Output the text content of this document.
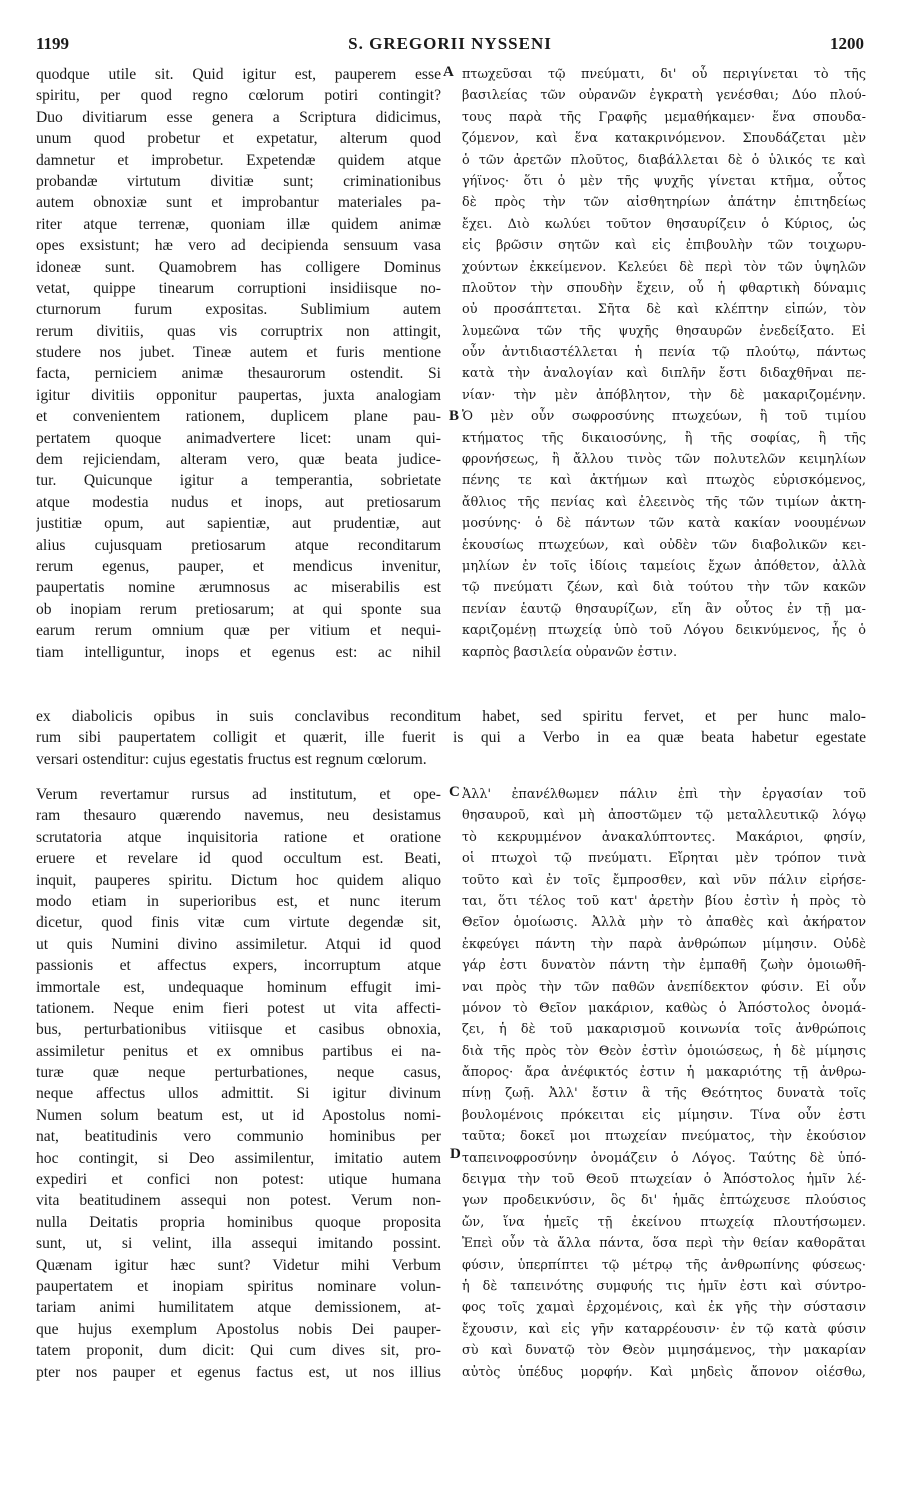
1199	S. GREGORII NYSSENI	1200
A
B
C
D
quodque utile sit. Quid igitur est, pauperem esse
spiritu, per quod regno cœlorum potiri contingit?
Duo divitiarum esse genera a Scriptura didicimus,
unum quod probetur et expetatur, alterum quod
damnetur et improbetur. Expetendæ quidem atque
probandæ virtutum divitiæ sunt; criminationibus
autem obnoxiæ sunt et improbantur materiales pa-
riter atque terrenæ, quoniam illæ quidem animæ
opes exsistunt; hæ vero ad decipienda sensuum vasa
idoneæ sunt. Quamobrem has colligere Dominus
vetat, quippe tinearum corruptioni insidiisque no-
cturnorum furum expositas. Sublimium autem
rerum divitiis, quas vis corruptrix non attingit,
studere nos jubet. Tineæ autem et furis mentione
facta, perniciem animæ thesaurorum ostendit. Si
igitur divitiis opponitur paupertas, juxta analogiam
et convenientem rationem, duplicem plane pau-
pertatem quoque animadvertere licet: unam qui-
dem rejiciendam, alteram vero, quæ beata judice-
tur. Quicunque igitur a temperantia, sobrietate
atque modestia nudus et inops, aut pretiosarum
justitiæ opum, aut sapientiæ, aut prudentiæ, aut
alius cujusquam pretiosarum atque reconditarum
rerum egenus, pauper, et mendicus invenitur,
paupertatis nomine ærumnosus ac miserabilis est
ob inopiam rerum pretiosarum; at qui sponte sua
earum rerum omnium quæ per vitium et nequi-
tiam intelliguntur, inops et egenus est: ac nihil
πτωχεῦσαι τῷ πνεύματι, δι' οὗ περιγίνεται τὸ τῆς
βασιλείας τῶν οὐρανῶν ἐγκρατὴ γενέσθαι; Δύο πλού-
τους παρὰ τῆς Γραφῆς μεμαθήκαμεν· ἕνα σπουδα-
ζόμενον, καὶ ἕνα κατακρινόμενον. Σπουδάζεται μὲν
ὁ τῶν ἀρετῶν πλοῦτος, διαβάλλεται δὲ ὁ ὑλικός τε καὶ
γήϊνος· ὅτι ὁ μὲν τῆς ψυχῆς γίνεται κτῆμα, οὗτος
δὲ πρὸς τὴν τῶν αἰσθητηρίων ἀπάτην ἐπιτηδείως
ἔχει. Διὸ κωλύει τοῦτον θησαυρίζειν ὁ Κύριος, ὡς
εἰς βρῶσιν σητῶν καὶ εἰς ἐπιβουλὴν τῶν τοιχωρυ-
χούντων ἐκκείμενον. Κελεύει δὲ περὶ τὸν τῶν ὑψηλῶν
πλοῦτον τὴν σπουδὴν ἔχειν, οὗ ἡ φθαρτικὴ δύναμις
οὐ προσάπτεται. Σῆτα δὲ καὶ κλέπτην εἰπών, τὸν
λυμεῶνα τῶν τῆς ψυχῆς θησαυρῶν ἐνεδείξατο. Εἰ
οὖν ἀντιδιαστέλλεται ἡ πενία τῷ πλούτῳ, πάντως
κατὰ τὴν ἀναλογίαν καὶ διπλῆν ἔστι διδαχθῆναι πε-
νίαν· τὴν μὲν ἀπόβλητον, τὴν δὲ μακαριζομένην.
Ὁ μὲν οὖν σωφροσύνης πτωχεύων, ἢ τοῦ τιμίου
κτήματος τῆς δικαιοσύνης, ἢ τῆς σοφίας, ἢ τῆς
φρονήσεως, ἢ ἄλλου τινὸς τῶν πολυτελῶν κειμηλίων
πένης τε καὶ ἀκτήμων καὶ πτωχὸς εὑρισκόμενος,
ἄθλιος τῆς πενίας καὶ ἐλεεινὸς τῆς τῶν τιμίων ἀκτη-
μοσύνης· ὁ δὲ πάντων τῶν κατὰ κακίαν νοουμένων
ἑκουσίως πτωχεύων, καὶ οὐδὲν τῶν διαβολικῶν κει-
μηλίων ἐν τοῖς ἰδίοις ταμείοις ἔχων ἀπόθετον, ἀλλὰ
τῷ πνεύματι ζέων, καὶ διὰ τούτου τὴν τῶν κακῶν
πενίαν ἑαυτῷ θησαυρίζων, εἴη ἂν οὗτος ἐν τῇ μα-
καριζομένῃ πτωχείᾳ ὑπὸ τοῦ Λόγου δεικνύμενος, ἧς ὁ
καρπὸς βασιλεία οὐρανῶν ἐστιν.
ex diabolicis opibus in suis conclavibus reconditum habet, sed spiritu fervet, et per hunc malo-
rum sibi paupertatem colligit et quærit, ille fuerit is qui a Verbo in ea quæ beata habetur egestate
versari ostenditur: cujus egestatis fructus est regnum cœlorum.
Verum revertamur rursus ad institutum, et ope-
ram thesauro quærendo navemus, neu desistamus
scrutatoria atque inquisitoria ratione et oratione
eruere et revelare id quod occultum est. Beati,
inquit, pauperes spiritu. Dictum hoc quidem aliquo
modo etiam in superioribus est, et nunc iterum
dicetur, quod finis vitæ cum virtute degendæ sit,
ut quis Numini divino assimiletur. Atqui id quod
passionis et affectus expers, incorruptum atque
immortale est, undequaque hominum effugit imi-
tationem. Neque enim fieri potest ut vita affecti-
bus, perturbationibus vitiisque et casibus obnoxia,
assimiletur penitus et ex omnibus partibus ei na-
turæ quæ neque perturbationes, neque casus,
neque affectus ullos admittit. Si igitur divinum
Numen solum beatum est, ut id Apostolus nomi-
nat, beatitudinis vero communio hominibus per
hoc contingit, si Deo assimilentur, imitatio autem
expediri et confici non potest: utique humana
vita beatitudinem assequi non potest. Verum non-
nulla Deitatis propria hominibus quoque proposita
sunt, ut, si velint, illa assequi imitando possint.
Quænam igitur hæc sunt? Videtur mihi Verbum
paupertatem et inopiam spiritus nominare volun-
tariam animi humilitatem atque demissionem, at-
que hujus exemplum Apostolus nobis Dei pauper-
tatem proponit, dum dicit: Qui cum dives sit, pro-
pter nos pauper et egenus factus est, ut nos illius
Ἀλλ' ἐπανέλθωμεν πάλιν ἐπὶ τὴν ἐργασίαν τοῦ
θησαυροῦ, καὶ μὴ ἀποστῶμεν τῷ μεταλλευτικῷ λόγῳ
τὸ κεκρυμμένον ἀνακαλύπτοντες. Μακάριοι, φησίν,
οἱ πτωχοὶ τῷ πνεύματι. Εἴρηται μὲν τρόπον τινὰ
τοῦτο καὶ ἐν τοῖς ἔμπροσθεν, καὶ νῦν πάλιν εἰρήσε-
ται, ὅτι τέλος τοῦ κατ' ἀρετὴν βίου ἐστὶν ἡ πρὸς τὸ
Θεῖον ὁμοίωσις. Ἀλλὰ μὴν τὸ ἀπαθὲς καὶ ἀκήρατον
ἐκφεύγει πάντη τὴν παρὰ ἀνθρώπων μίμησιν. Οὐδὲ
γάρ ἐστι δυνατὸν πάντη τὴν ἐμπαθῆ ζωὴν ὁμοιωθῆ-
ναι πρὸς τὴν τῶν παθῶν ἀνεπίδεκτον φύσιν. Εἰ οὖν
μόνον τὸ Θεῖον μακάριον, καθὼς ὁ Ἀπόστολος ὀνομά-
ζει, ἡ δὲ τοῦ μακαρισμοῦ κοινωνία τοῖς ἀνθρώποις
διὰ τῆς πρὸς τὸν Θεὸν ἐστὶν ὁμοιώσεως, ἡ δὲ μίμησις
ἄπορος· ἄρα ἀνέφικτός ἐστιν ἡ μακαριότης τῇ ἀνθρω-
πίνῃ ζωῇ. Ἀλλ' ἔστιν ἃ τῆς Θεότητος δυνατὰ τοῖς
βουλομένοις πρόκειται εἰς μίμησιν. Τίνα οὖν ἐστι
ταῦτα; δοκεῖ μοι πτωχείαν πνεύματος, τὴν ἑκούσιον
ταπεινοφροσύνην ὀνομάζειν ὁ Λόγος. Ταύτης δὲ ὑπό-
δειγμα τὴν τοῦ Θεοῦ πτωχείαν ὁ Ἀπόστολος ἡμῖν λέ-
γων προδεικνύσιν, ὃς δι' ἡμᾶς ἐπτώχευσε πλούσιος
ὤν, ἵνα ἡμεῖς τῇ ἐκείνου πτωχείᾳ πλουτήσωμεν.
Ἐπεὶ οὖν τὰ ἄλλα πάντα, ὅσα περὶ τὴν θείαν καθορᾶται
φύσιν, ὑπερπίπτει τῷ μέτρῳ τῆς ἀνθρωπίνης φύσεως·
ἡ δὲ ταπεινότης συμφυής τις ἡμῖν ἐστι καὶ σύντρο-
φος τοῖς χαμαὶ ἐρχομένοις, καὶ ἐκ γῆς τὴν σύστασιν
ἔχουσιν, καὶ εἰς γῆν καταρρέουσιν· ἐν τῷ κατὰ φύσιν
σὺ καὶ δυνατῷ τὸν Θεὸν μιμησάμενος, τὴν μακαρίαν
αὐτὸς ὑπέδυς μορφήν. Καὶ μηδεὶς ἄπονον οἰέσθω,
